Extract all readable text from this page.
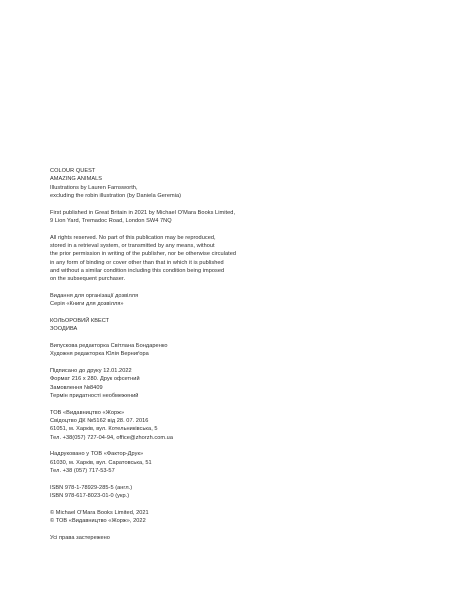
COLOUR QUEST
AMAZING ANIMALS
Illustrations by Lauren Farnsworth,
excluding the robin illustration (by Daniela Geremia)
First published in Great Britain in 2021 by Michael O'Mara Books Limited,
9 Lion Yard, Tremadoc Road, London SW4 7NQ
All rights reserved. No part of this publication may be reproduced,
stored in a retrieval system, or transmitted by any means, without
the prior permission in writing of the publisher, nor be otherwise circulated
in any form of binding or cover other than that in which it is published
and without a similar condition including this condition being imposed
on the subsequent purchaser.
Видання для організації дозвілля
Серія «Книги для дозвілля»
КОЛЬОРОВИЙ КВЕСТ
ЗООДИВА
Випускова редакторка Світлана Бондаренко
Художня редакторка Юлія Верниґора
Підписано до друку 12.01.2022
Формат 216 х 280. Друк офсетний
Замовлення №8409
Термін придатності необмежений
ТОВ «Видавництво «Жорж»
Свідоцтво ДК №5162 від 28. 07. 2016
61051, м. Харків, вул. Котельниківська, 5
Тел. +38(057) 727-04-94, office@zhorzh.com.ua
Надруковано у ТОВ «Фактор-Друк»
61030, м. Харків, вул. Саратовська, 51
Тел. +38 (057) 717-53-57
ISBN 978-1-78929-285-5 (англ.)
ISBN 978-617-8023-01-0 (укр.)
© Michael O'Mara Books Limited, 2021
© ТОВ «Видавництво «Жорж», 2022
Усі права застережено
